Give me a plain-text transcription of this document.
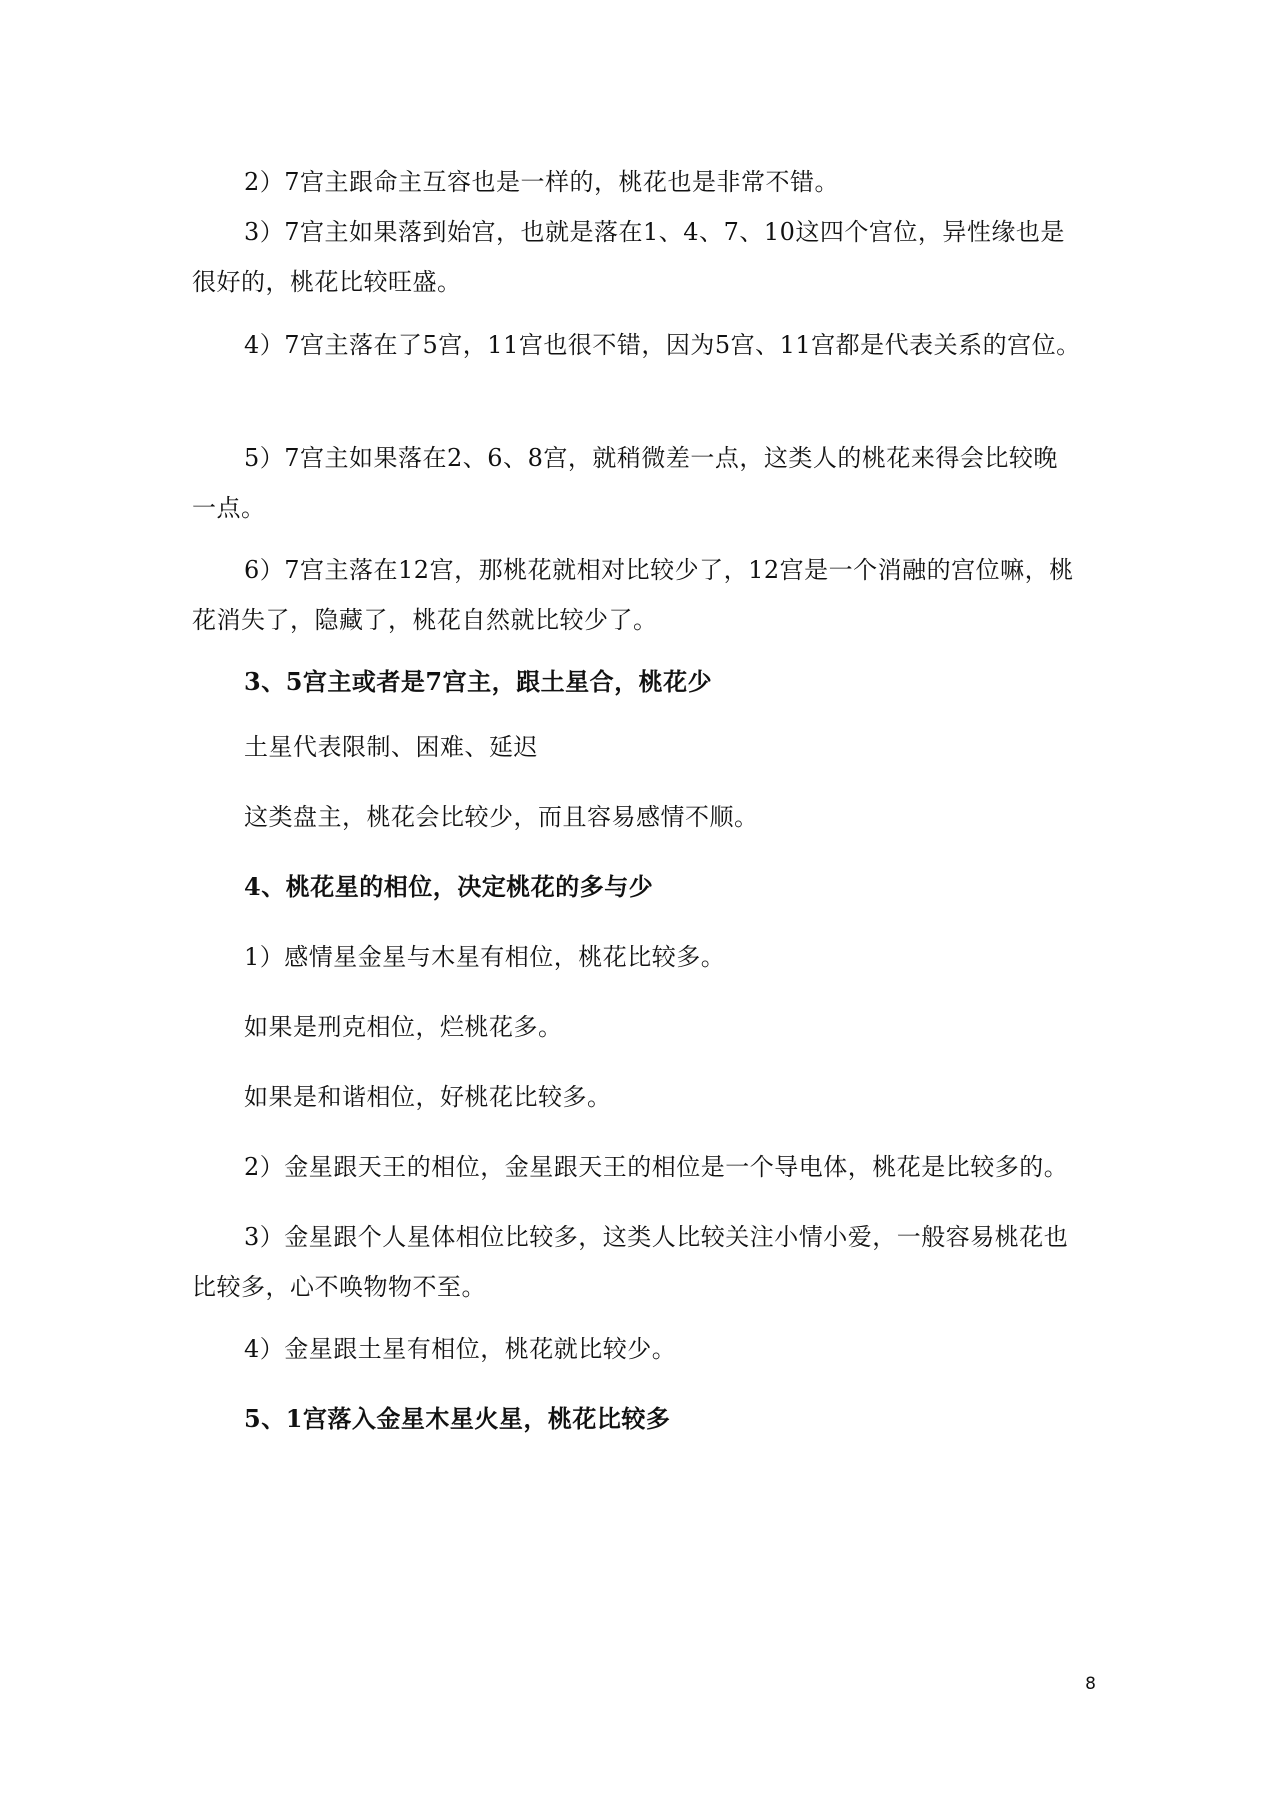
2）7宫主跟命主互容也是一样的，桃花也是非常不错。

3）7宫主如果落到始宫，也就是落在1、4、7、10这四个宫位，异性缘也是很好的，桃花比较旺盛。

4）7宫主落在了5宫，11宫也很不错，因为5宫、11宫都是代表关系的宫位。

5）7宫主如果落在2、6、8宫，就稍微差一点，这类人的桃花来得会比较晚一点。

6）7宫主落在12宫，那桃花就相对比较少了，12宫是一个消融的宫位嘛，桃花消失了，隐藏了，桃花自然就比较少了。

3、5宫主或者是7宫主，跟土星合，桃花少

土星代表限制、困难、延迟

这类盘主，桃花会比较少，而且容易感情不顺。

4、桃花星的相位，决定桃花的多与少

1）感情星金星与木星有相位，桃花比较多。

如果是刑克相位，烂桃花多。

如果是和谐相位，好桃花比较多。

2）金星跟天王的相位，金星跟天王的相位是一个导电体，桃花是比较多的。

3）金星跟个人星体相位比较多，这类人比较关注小情小爱，一般容易桃花也比较多，心不唤物物不至。

4）金星跟土星有相位，桃花就比较少。

5、1宫落入金星木星火星，桃花比较多

8
